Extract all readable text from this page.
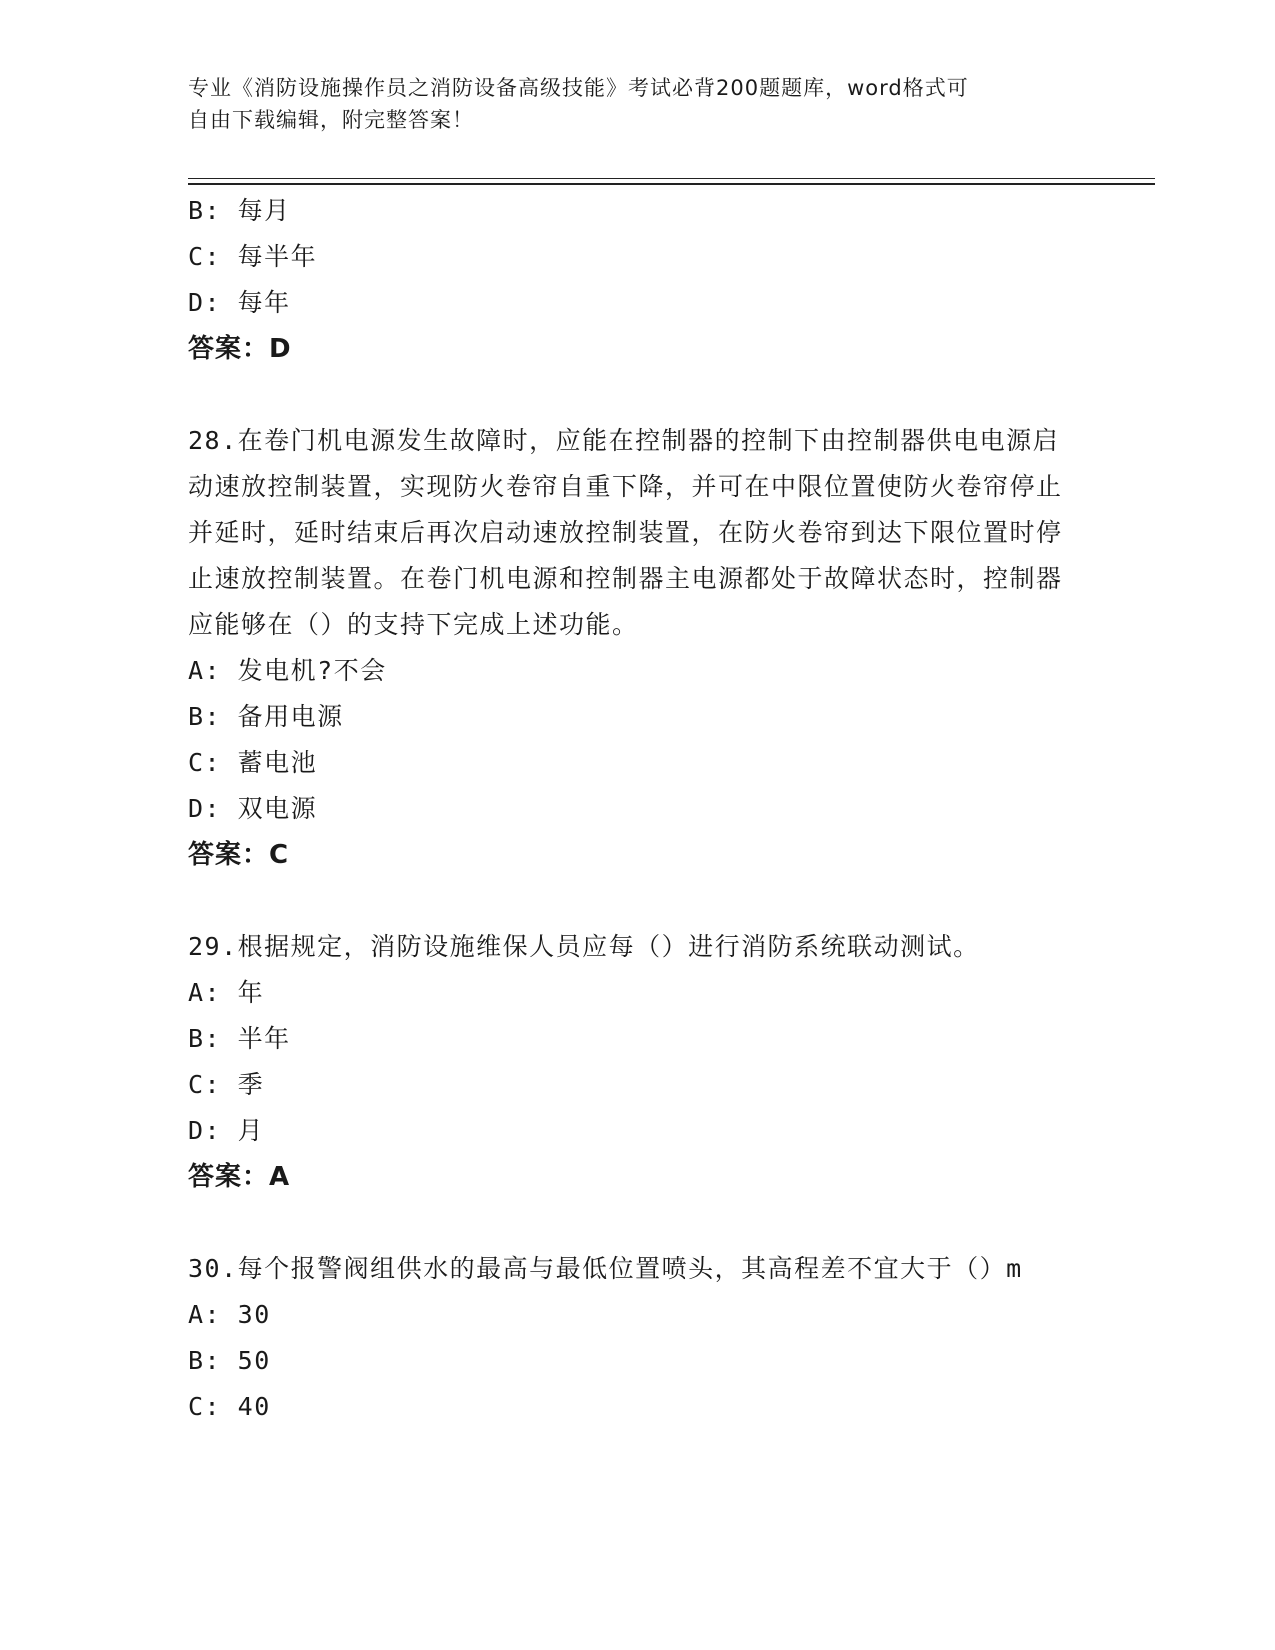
专业《消防设施操作员之消防设备高级技能》考试必背200题题库，word格式可
自由下载编辑，附完整答案！
B: 每月
C: 每半年
D: 每年
答案：D
28.在卷门机电源发生故障时，应能在控制器的控制下由控制器供电电源启动速放控制装置，实现防火卷帘自重下降，并可在中限位置使防火卷帘停止并延时，延时结束后再次启动速放控制装置，在防火卷帘到达下限位置时停止速放控制装置。在卷门机电源和控制器主电源都处于故障状态时，控制器应能够在（）的支持下完成上述功能。
A: 发电机?不会
B: 备用电源
C: 蓄电池
D: 双电源
答案：C
29.根据规定，消防设施维保人员应每（）进行消防系统联动测试。
A: 年
B: 半年
C: 季
D: 月
答案：A
30.每个报警阀组供水的最高与最低位置喷头，其高程差不宜大于（）m
A: 30
B: 50
C: 40
